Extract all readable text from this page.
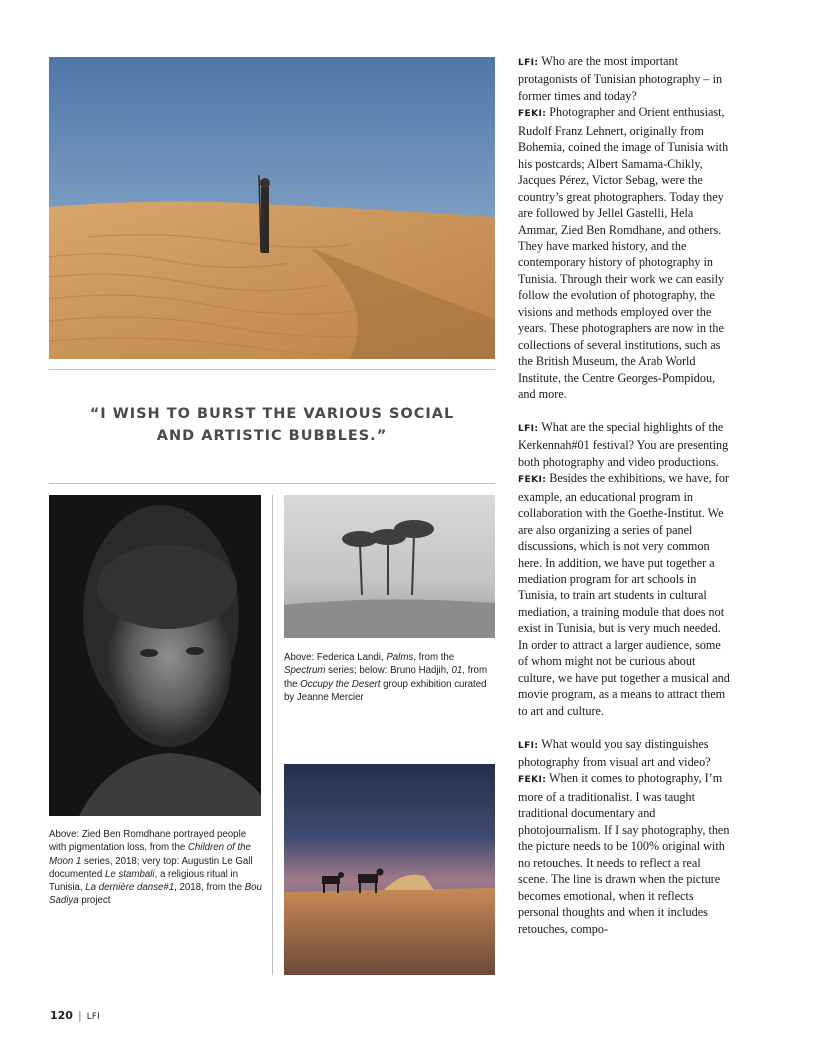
“I WISH TO BURST THE VARIOUS SOCIAL
AND ARTISTIC BUBBLES.”

Above: Zied Ben Romdhane portrayed people with pigmentation loss, from the Children of the Moon 1 series, 2018; very top: Augustin Le Gall documented Le stambali, a religious ritual in Tunisia, La dernière danse#1, 2018, from the Bou Sadiya project

Above: Federica Landi, Palms, from the Spectrum series; below: Bruno Hadjih, 01, from the Occupy the Desert group exhibition curated by Jeanne Mercier

LFI: Who are the most important protagonists of Tunisian photography – in former times and today?

FEKI: Photographer and Orient enthusiast, Rudolf Franz Lehnert, originally from Bohemia, coined the image of Tunisia with his postcards; Albert Samama-Chikly, Jacques Pérez, Victor Sebag, were the country’s great photographers. Today they are followed by Jellel Gastelli, Hela Ammar, Zied Ben Romdhane, and others. They have marked history, and the contemporary history of photography in Tunisia. Through their work we can easily follow the evolution of photography, the visions and methods employed over the years. These photographers are now in the collections of several institutions, such as the British Museum, the Arab World Institute, the Centre Georges-Pompidou, and more.

LFI: What are the special highlights of the Kerkennah#01 festival? You are presenting both photography and video productions.

FEKI: Besides the exhibitions, we have, for example, an educational program in collaboration with the Goethe-Institut. We are also organizing a series of panel discussions, which is not very common here. In addition, we have put together a mediation program for art schools in Tunisia, to train art students in cultural mediation, a training module that does not exist in Tunisia, but is very much needed. In order to attract a larger audience, some of whom might not be curious about culture, we have put together a musical and movie program, as a means to attract them to art and culture.

LFI: What would you say distinguishes photography from visual art and video?

FEKI: When it comes to photography, I’m more of a traditionalist. I was taught traditional documentary and photojournalism. If I say photography, then the picture needs to be 100% original with no retouches. It needs to reflect a real scene. The line is drawn when the picture becomes emotional, when it reflects personal thoughts and when it includes retouches, compo-

120 | LFI
